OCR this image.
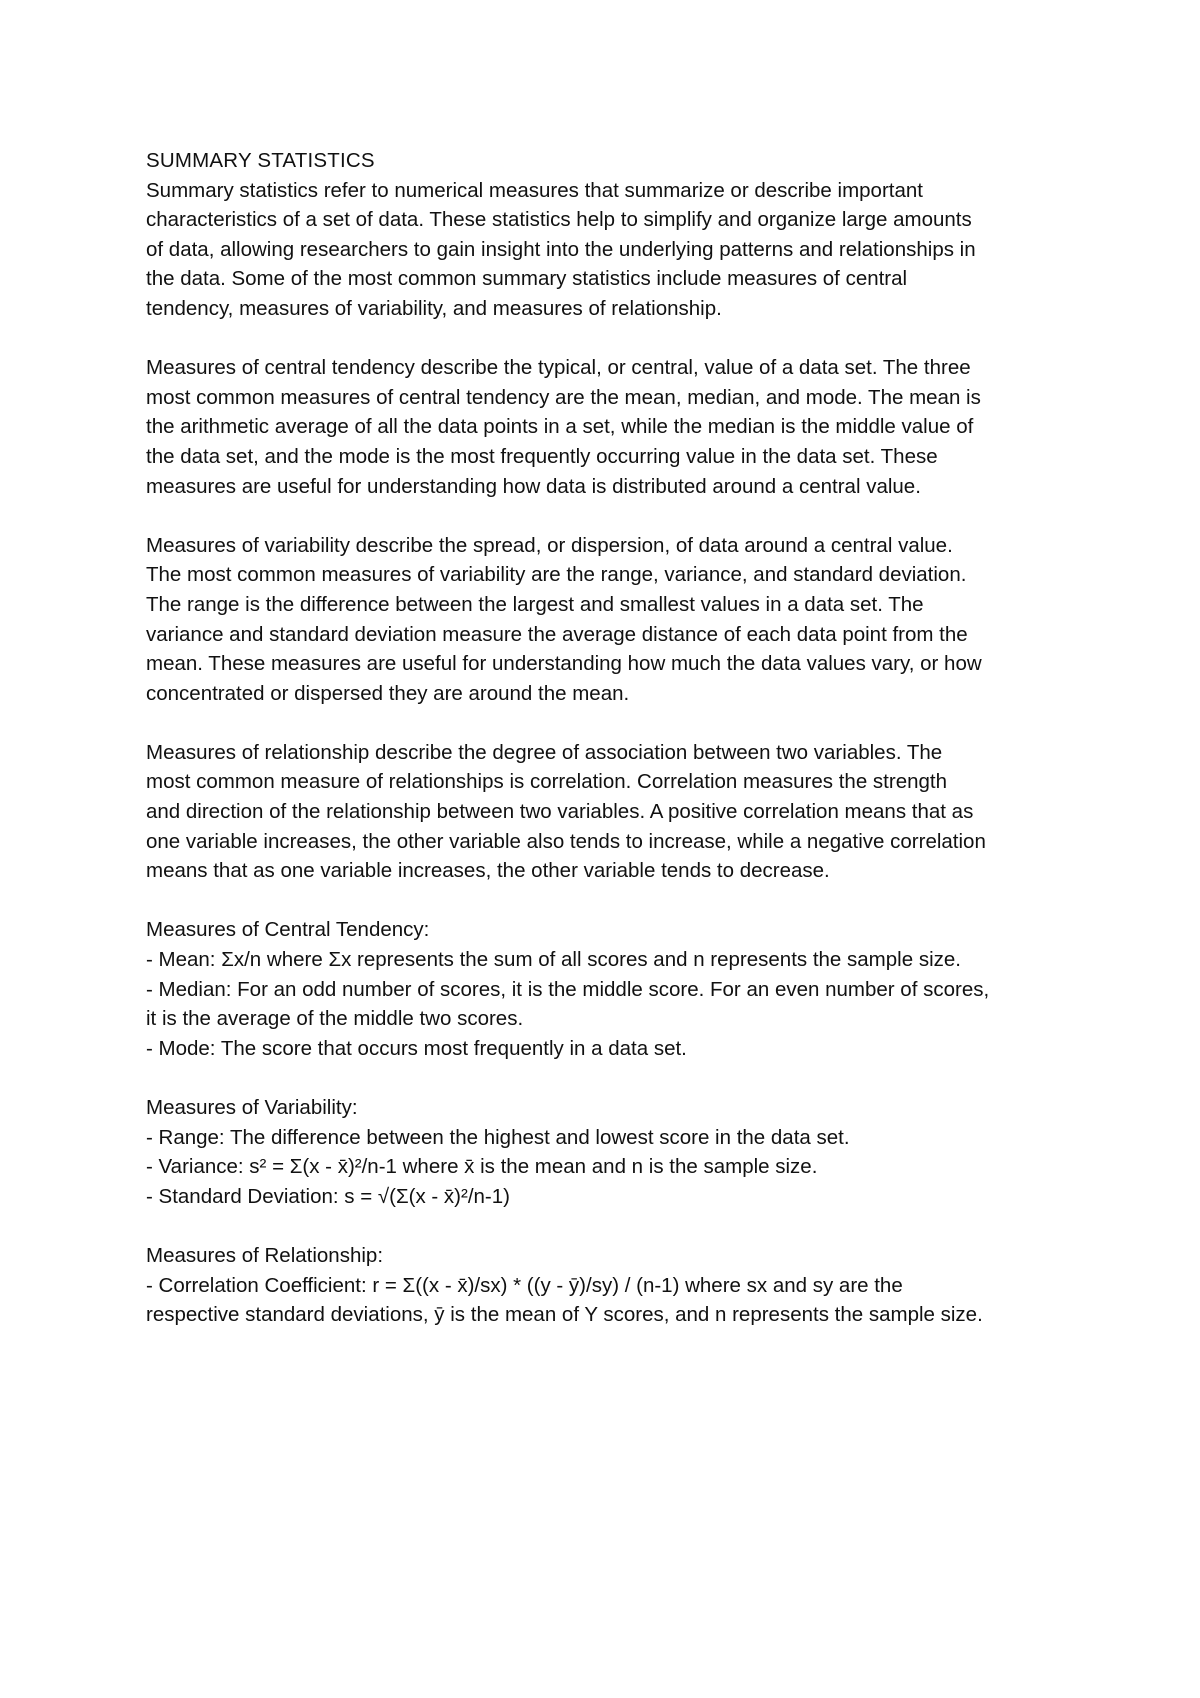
SUMMARY STATISTICS
Summary statistics refer to numerical measures that summarize or describe important
characteristics of a set of data. These statistics help to simplify and organize large amounts
of data, allowing researchers to gain insight into the underlying patterns and relationships in
the data. Some of the most common summary statistics include measures of central
tendency, measures of variability, and measures of relationship.
Measures of central tendency describe the typical, or central, value of a data set. The three
most common measures of central tendency are the mean, median, and mode. The mean is
the arithmetic average of all the data points in a set, while the median is the middle value of
the data set, and the mode is the most frequently occurring value in the data set. These
measures are useful for understanding how data is distributed around a central value.
Measures of variability describe the spread, or dispersion, of data around a central value.
The most common measures of variability are the range, variance, and standard deviation.
The range is the difference between the largest and smallest values in a data set. The
variance and standard deviation measure the average distance of each data point from the
mean. These measures are useful for understanding how much the data values vary, or how
concentrated or dispersed they are around the mean.
Measures of relationship describe the degree of association between two variables. The
most common measure of relationships is correlation. Correlation measures the strength
and direction of the relationship between two variables. A positive correlation means that as
one variable increases, the other variable also tends to increase, while a negative correlation
means that as one variable increases, the other variable tends to decrease.
Measures of Central Tendency:
- Mean: Σx/n where Σx represents the sum of all scores and n represents the sample size.
- Median: For an odd number of scores, it is the middle score. For an even number of scores,
it is the average of the middle two scores.
- Mode: The score that occurs most frequently in a data set.
Measures of Variability:
- Range: The difference between the highest and lowest score in the data set.
- Variance: s² = Σ(x - x̄)²/n-1 where x̄ is the mean and n is the sample size.
- Standard Deviation: s = √(Σ(x - x̄)²/n-1)
Measures of Relationship:
- Correlation Coefficient: r = Σ((x - x̄)/sx) * ((y - ȳ)/sy) / (n-1) where sx and sy are the
respective standard deviations, ȳ is the mean of Y scores, and n represents the sample size.
